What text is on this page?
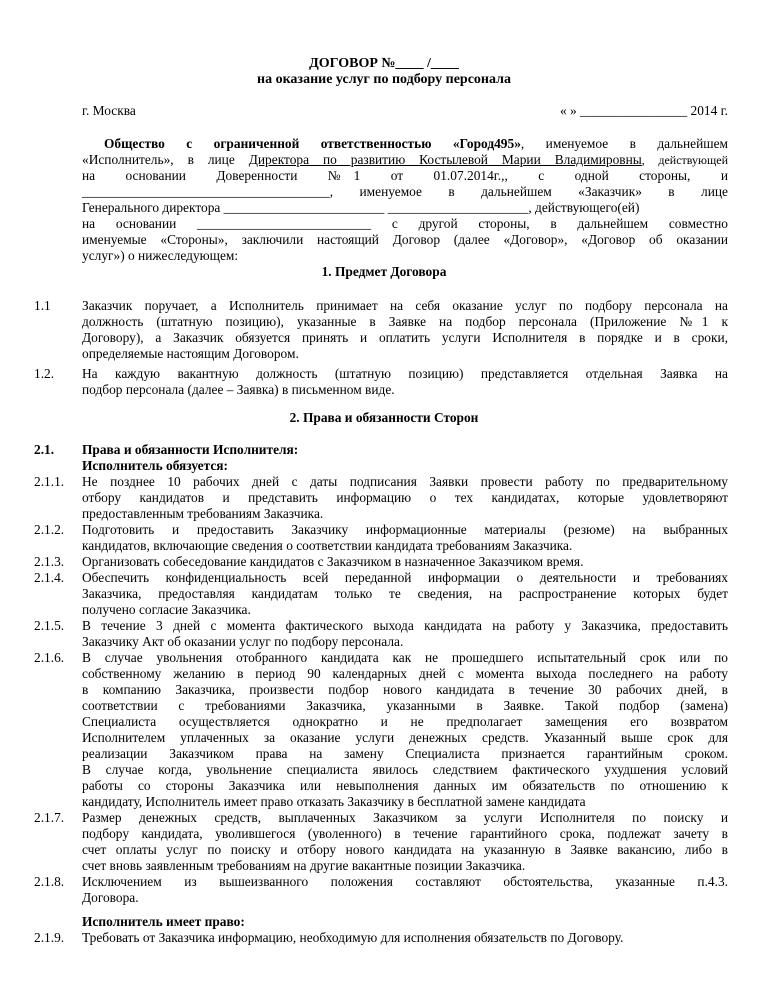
ДОГОВОР №____ /____
на оказание услуг по подбору персонала
г. Москва	« » ________________ 2014 г.
Общество с ограниченной ответственностью «Город495», именуемое в дальнейшем
«Исполнитель», в лице Директора по развитию Костылевой Марии Владимировны, действующей
на основании Доверенности №1 от 01.07.2014г.,, с одной стороны, и
_____________________________________, именуемое в дальнейшем «Заказчик» в лице
Генерального директора ________________________ _____________________, действующего(ей)
на основании __________________________ с другой стороны, в дальнейшем совместно
именуемые «Стороны», заключили настоящий Договор (далее «Договор», «Договор об оказании
услуг») о нижеследующем:
1. Предмет Договора
1.1 Заказчик поручает, а Исполнитель принимает на себя оказание услуг по подбору персонала на
должность (штатную позицию), указанные в Заявке на подбор персонала (Приложение №1 к
Договору), а Заказчик обязуется принять и оплатить услуги Исполнителя в порядке и в сроки,
определяемые настоящим Договором.
1.2. На каждую вакантную должность (штатную позицию) представляется отдельная Заявка на
подбор персонала (далее – Заявка) в письменном виде.
2. Права и обязанности Сторон
2.1. Права и обязанности Исполнителя:
Исполнитель обязуется:
2.1.1. Не позднее 10 рабочих дней с даты подписания Заявки провести работу по предварительному
отбору кандидатов и представить информацию о тех кандидатах, которые удовлетворяют
предоставленным требованиям Заказчика.
2.1.2. Подготовить и предоставить Заказчику информационные материалы (резюме) на выбранных
кандидатов, включающие сведения о соответствии кандидата требованиям Заказчика.
2.1.3. Организовать собеседование кандидатов с Заказчиком в назначенное Заказчиком время.
2.1.4. Обеспечить конфиденциальность всей переданной информации о деятельности и требованиях
Заказчика, предоставляя кандидатам только те сведения, на распространение которых будет
получено согласие Заказчика.
2.1.5. В течение 3 дней с момента фактического выхода кандидата на работу у Заказчика, предоставить
Заказчику Акт об оказании услуг по подбору персонала.
2.1.6. В случае увольнения отобранного кандидата как не прошедшего испытательный срок или по
собственному желанию в период 90 календарных дней с момента выхода последнего на работу
в компанию Заказчика, произвести подбор нового кандидата в течение 30 рабочих дней, в
соответствии с требованиями Заказчика, указанными в Заявке. Такой подбор (замена)
Специалиста осуществляется однократно и не предполагает замещения его возвратом
Исполнителем уплаченных за оказание услуги денежных средств. Указанный выше срок для
реализации Заказчиком права на замену Специалиста признается гарантийным сроком.
В случае когда, увольнение специалиста явилось следствием фактического ухудшения условий
работы со стороны Заказчика или невыполнения данных им обязательств по отношению к
кандидату, Исполнитель имеет право отказать Заказчику в бесплатной замене кандидата
2.1.7. Размер денежных средств, выплаченных Заказчиком за услуги Исполнителя по поиску и
подбору кандидата, уволившегося (уволенного) в течение гарантийного срока, подлежат зачету в
счет оплаты услуг по поиску и отбору нового кандидата на указанную в Заявке вакансию, либо в
счет вновь заявленным требованиям на другие вакантные позиции Заказчика.
2.1.8. Исключением из вышеизванного положения составляют обстоятельства, указанные п.4.3.
Договора.
Исполнитель имеет право:
2.1.9. Требовать от Заказчика информацию, необходимую для исполнения обязательств по Договору.
